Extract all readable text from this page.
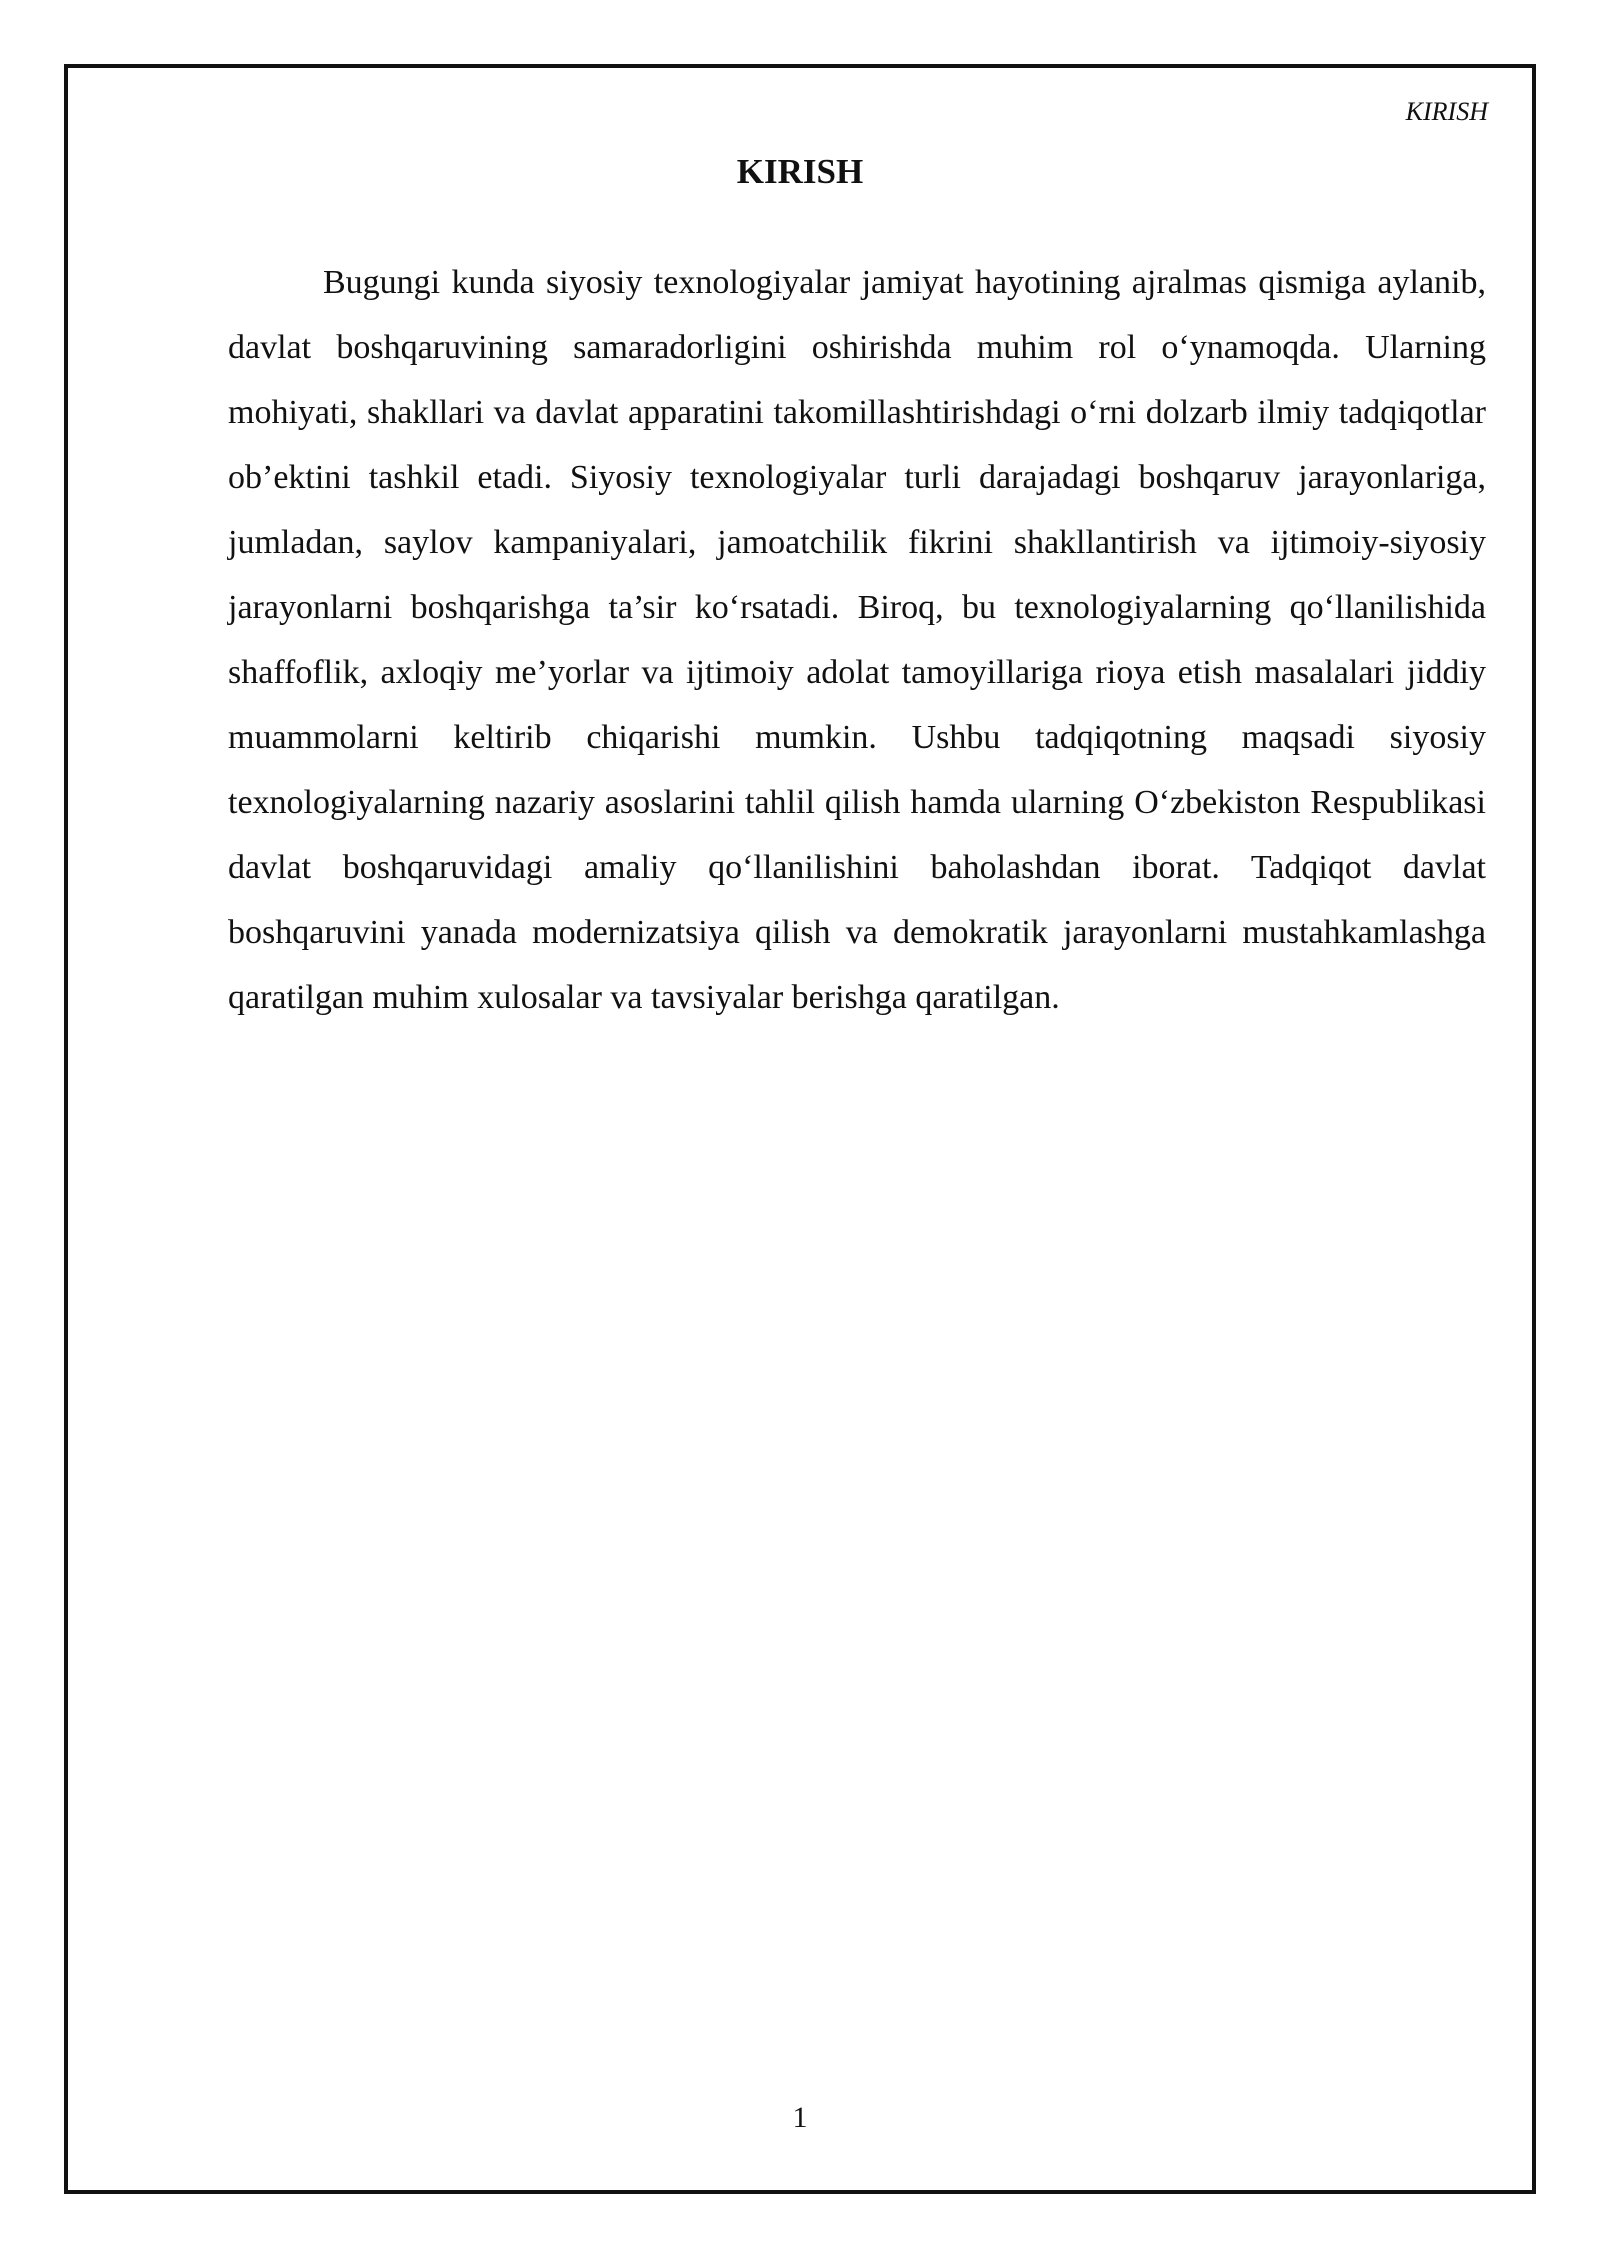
KIRISH
KIRISH

Bugungi kunda siyosiy texnologiyalar jamiyat hayotining ajralmas qismiga aylanib, davlat boshqaruvining samaradorligini oshirishda muhim rol o‘ynamoqda. Ularning mohiyati, shakllari va davlat apparatini takomillashtirishdagi o‘rni dolzarb ilmiy tadqiqotlar ob’ektini tashkil etadi. Siyosiy texnologiyalar turli darajadagi boshqaruv jarayonlariga, jumladan, saylov kampaniyalari, jamoatchilik fikrini shakllantirish va ijtimoiy-siyosiy jarayonlarni boshqarishga ta’sir ko‘rsatadi. Biroq, bu texnologiyalarning qo‘llanilishida shaffoflik, axloqiy me’yorlar va ijtimoiy adolat tamoyillariga rioya etish masalalari jiddiy muammolarni keltirib chiqarishi mumkin. Ushbu tadqiqotning maqsadi siyosiy texnologiyalarning nazariy asoslarini tahlil qilish hamda ularning O‘zbekiston Respublikasi davlat boshqaruvidagi amaliy qo‘llanilishini baholashdan iborat. Tadqiqot davlat boshqaruvini yanada modernizatsiya qilish va demokratik jarayonlarni mustahkamlashga qaratilgan muhim xulosalar va tavsiyalar berishga qaratilgan.

1
